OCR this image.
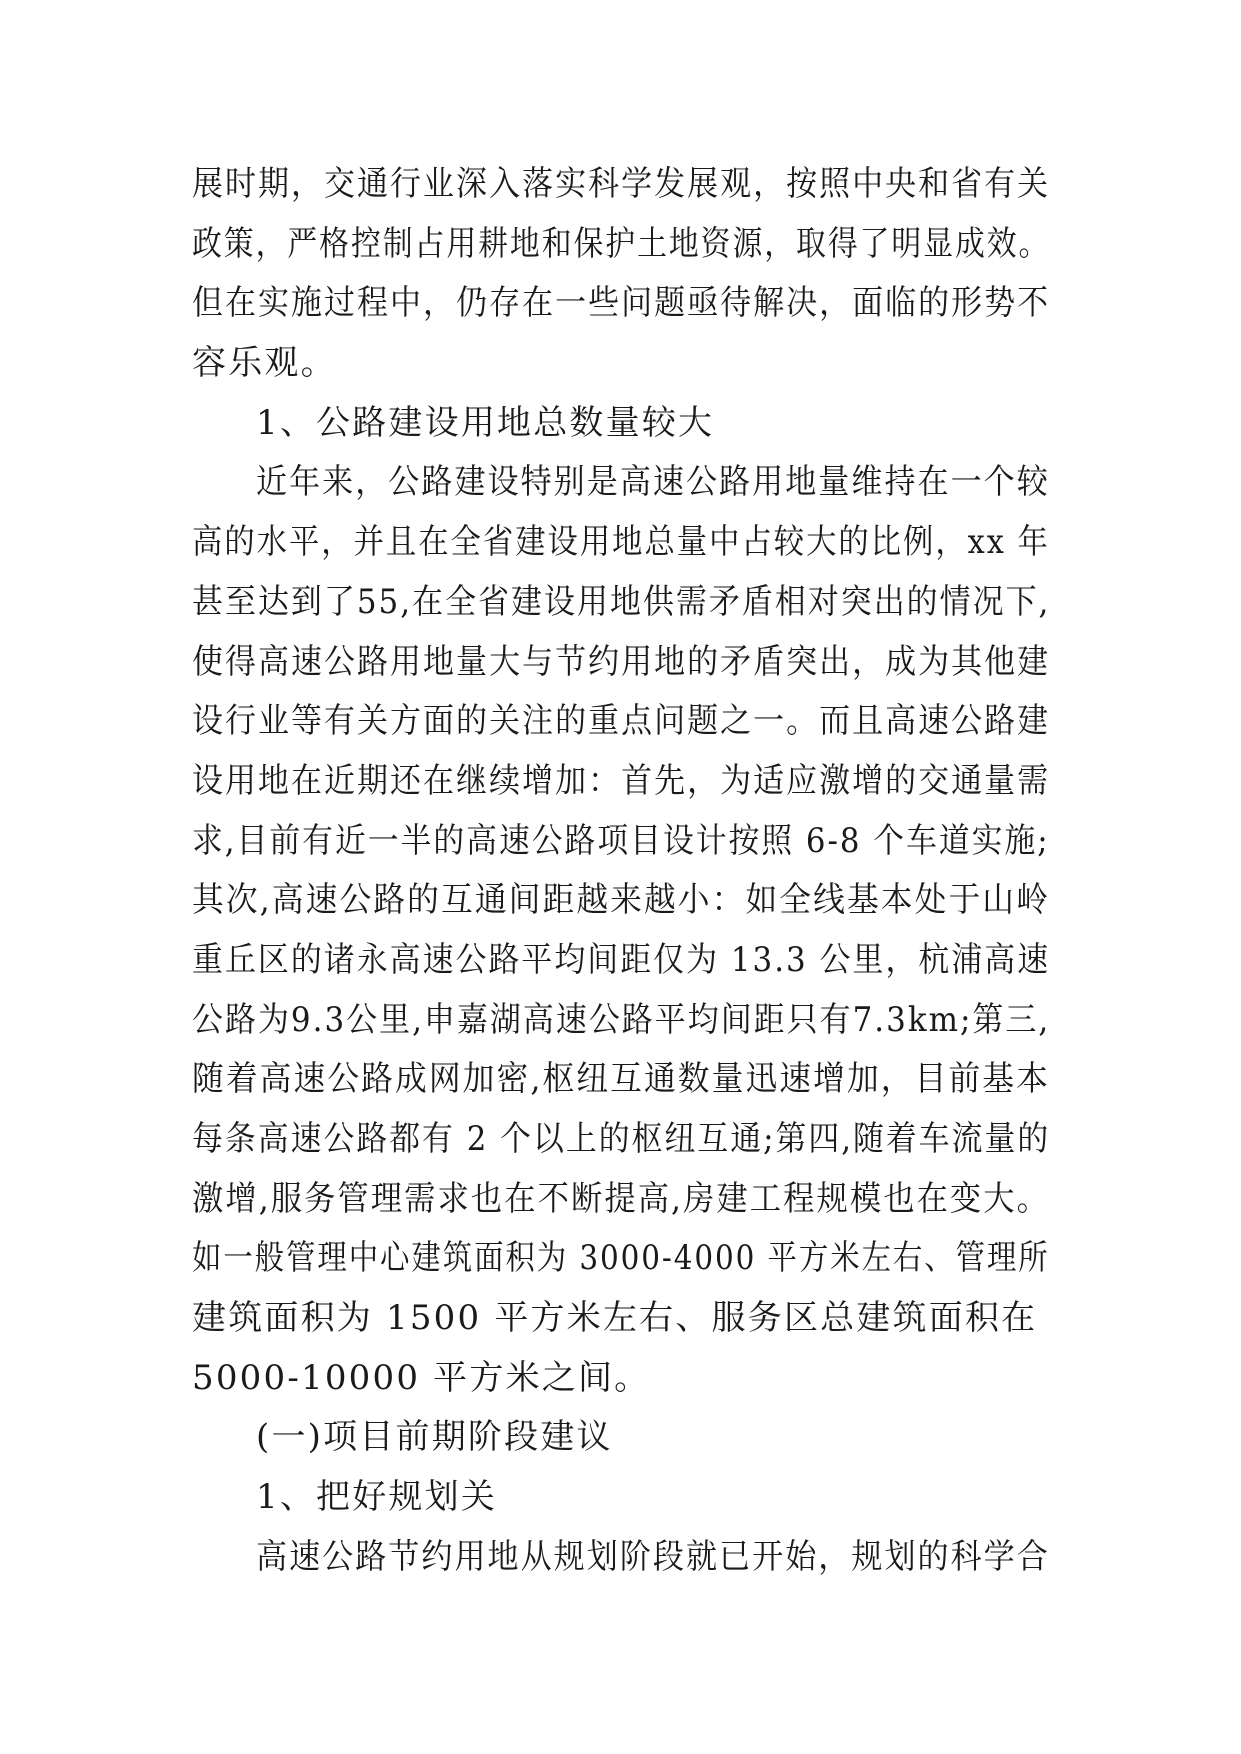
展时期，交通行业深入落实科学发展观，按照中央和省有关
政策，严格控制占用耕地和保护土地资源，取得了明显成效。
但在实施过程中，仍存在一些问题亟待解决，面临的形势不
容乐观。
1、公路建设用地总数量较大
近年来，公路建设特别是高速公路用地量维持在一个较
高的水平，并且在全省建设用地总量中占较大的比例，xx 年
甚至达到了55,在全省建设用地供需矛盾相对突出的情况下,
使得高速公路用地量大与节约用地的矛盾突出，成为其他建
设行业等有关方面的关注的重点问题之一。而且高速公路建
设用地在近期还在继续增加：首先，为适应激增的交通量需
求,目前有近一半的高速公路项目设计按照 6-8 个车道实施;
其次,高速公路的互通间距越来越小：如全线基本处于山岭
重丘区的诸永高速公路平均间距仅为 13.3 公里，杭浦高速
公路为9.3公里,申嘉湖高速公路平均间距只有7.3km;第三,
随着高速公路成网加密,枢纽互通数量迅速增加，目前基本
每条高速公路都有 2 个以上的枢纽互通;第四,随着车流量的
激增,服务管理需求也在不断提高,房建工程规模也在变大。
如一般管理中心建筑面积为 3000-4000 平方米左右、管理所
建筑面积为 1500 平方米左右、服务区总建筑面积在
5000-10000 平方米之间。
(一)项目前期阶段建议
1、把好规划关
高速公路节约用地从规划阶段就已开始，规划的科学合
